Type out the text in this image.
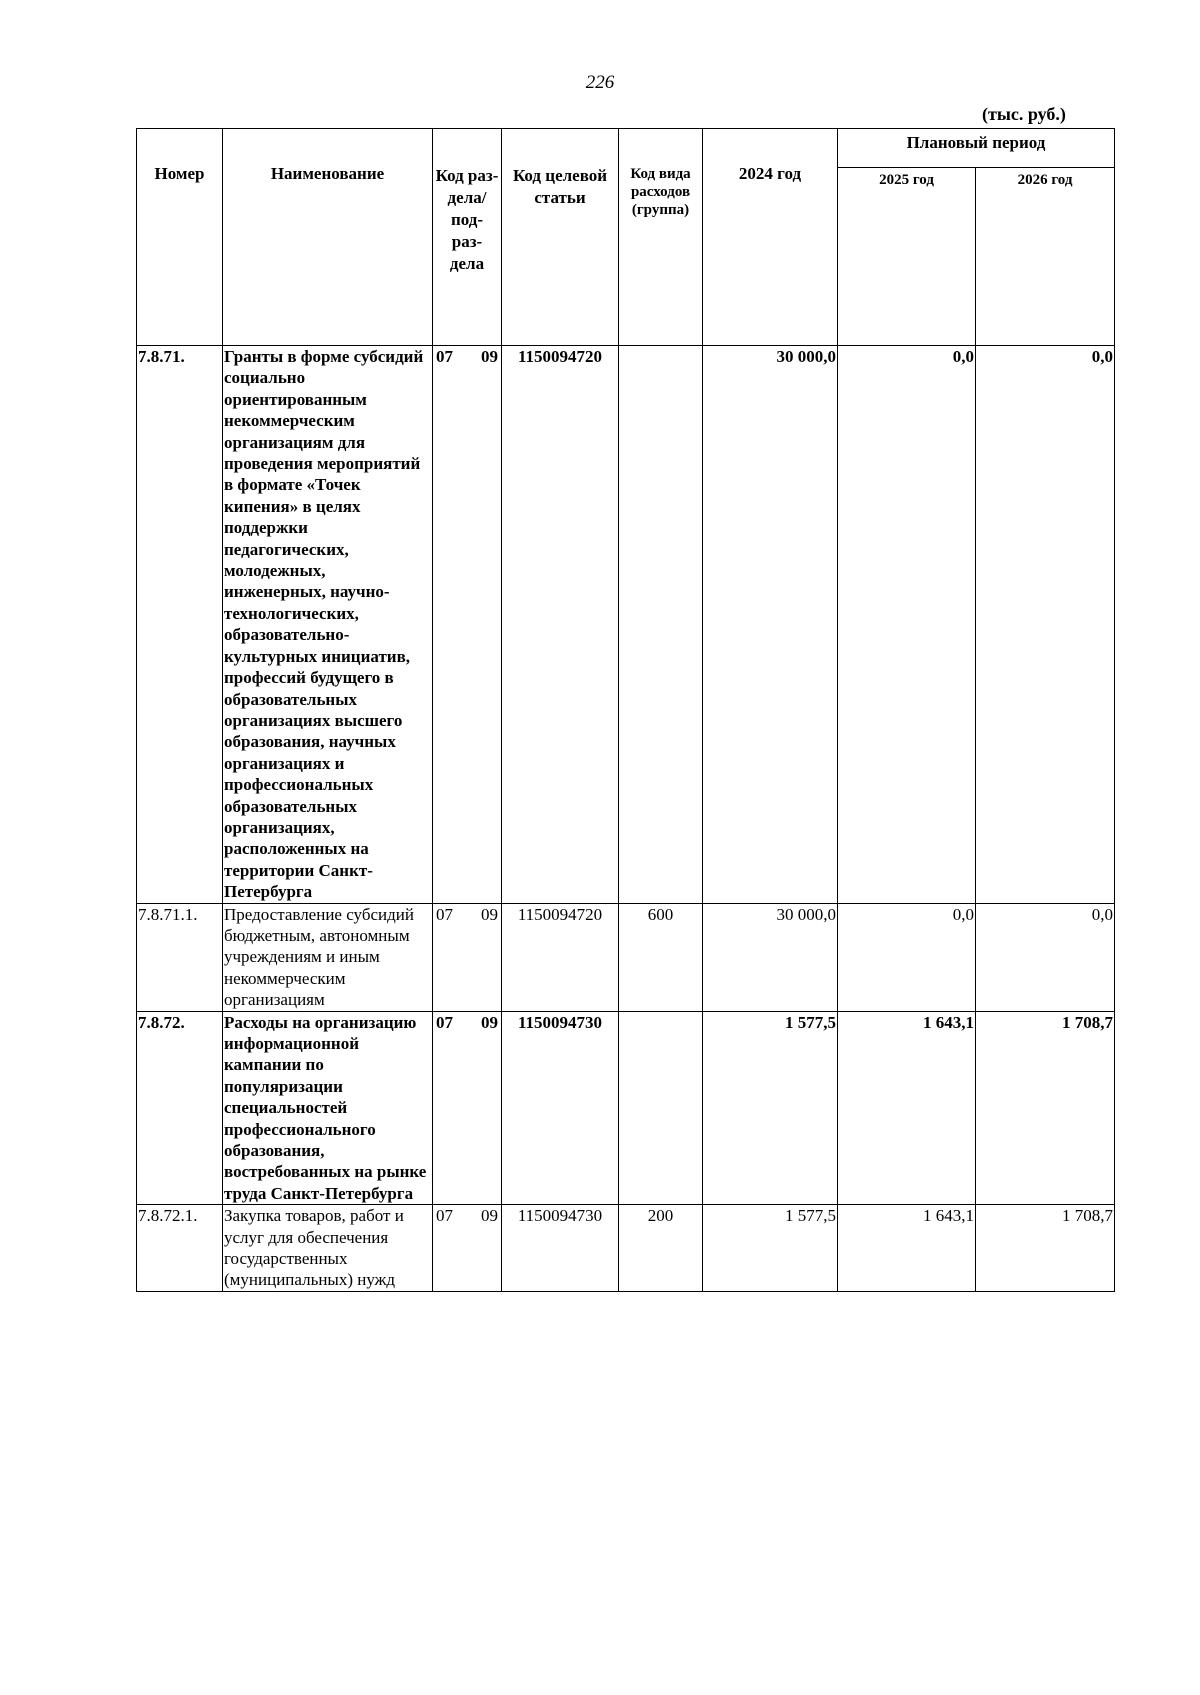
226
(тыс. руб.)
Номер	Наименование	Код раз- дела/ под- раз- дела	Код целевой статьи	Код вида расходов (группа)	2024 год	Плановый период	
						2025 год	2026 год
7.8.71.	Гранты в форме субсидий социально ориентированным некоммерческим организациям для проведения мероприятий в формате «Точек кипения» в целях поддержки педагогических, молодежных, инженерных, научно-технологических, образовательно-культурных инициатив, профессий будущего в образовательных организациях высшего образования, научных организациях и профессиональных образовательных организациях, расположенных на территории Санкт-Петербурга	07 09	1150094720		30 000,0	0,0	0,0
7.8.71.1.	Предоставление субсидий бюджетным, автономным учреждениям и иным некоммерческим организациям	07 09	1150094720	600	30 000,0	0,0	0,0
7.8.72.	Расходы на организацию информационной кампании по популяризации специальностей профессионального образования, востребованных на рынке труда Санкт-Петербурга	07 09	1150094730		1 577,5	1 643,1	1 708,7
7.8.72.1.	Закупка товаров, работ и услуг для обеспечения государственных (муниципальных) нужд	07 09	1150094730	200	1 577,5	1 643,1	1 708,7
